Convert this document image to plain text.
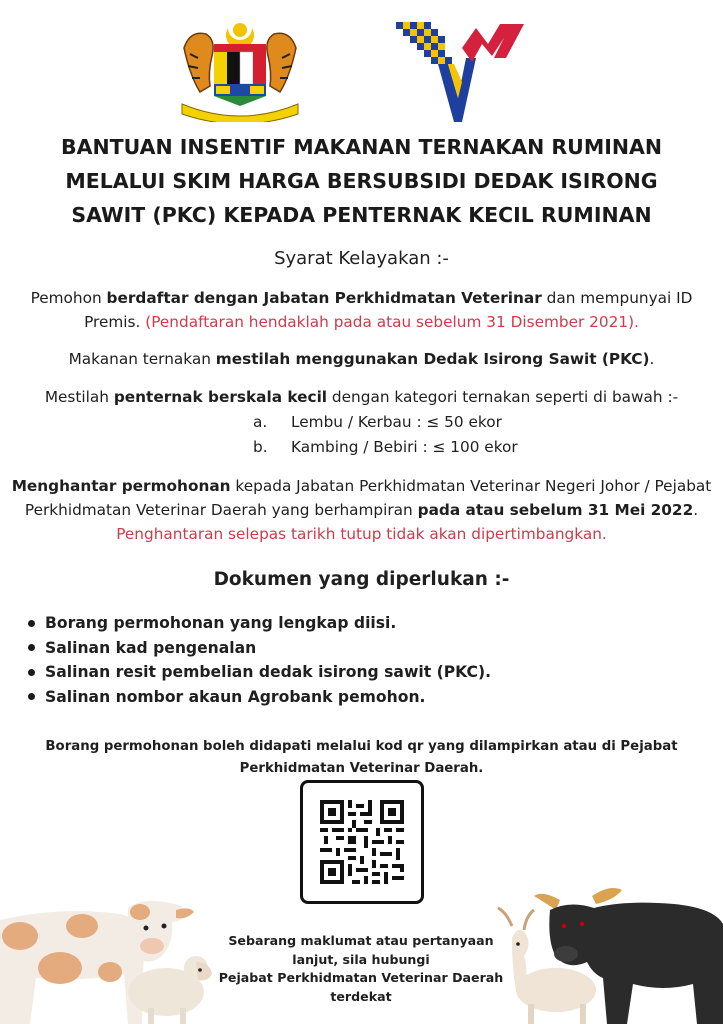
BANTUAN INSENTIF MAKANAN TERNAKAN RUMINAN
MELALUI SKIM HARGA BERSUBSIDI DEDAK ISIRONG
SAWIT (PKC) KEPADA PENTERNAK KECIL RUMINAN
Syarat Kelayakan :-
Pemohon berdaftar dengan Jabatan Perkhidmatan Veterinar dan mempunyai ID Premis. (Pendaftaran hendaklah pada atau sebelum 31 Disember 2021).
Makanan ternakan mestilah menggunakan Dedak Isirong Sawit (PKC).
Mestilah penternak berskala kecil dengan kategori ternakan seperti di bawah :-
a. Lembu / Kerbau : ≤ 50 ekor
b. Kambing / Bebiri : ≤ 100 ekor
Menghantar permohonan kepada Jabatan Perkhidmatan Veterinar Negeri Johor / Pejabat Perkhidmatan Veterinar Daerah yang berhampiran pada atau sebelum 31 Mei 2022. Penghantaran selepas tarikh tutup tidak akan dipertimbangkan.
Dokumen yang diperlukan :-
Borang permohonan yang lengkap diisi.
Salinan kad pengenalan
Salinan resit pembelian dedak isirong sawit (PKC).
Salinan nombor akaun Agrobank pemohon.
Borang permohonan boleh didapati melalui kod qr yang dilampirkan atau di Pejabat Perkhidmatan Veterinar Daerah.
Sebarang maklumat atau pertanyaan
lanjut, sila hubungi
Pejabat Perkhidmatan Veterinar Daerah
terdekat
